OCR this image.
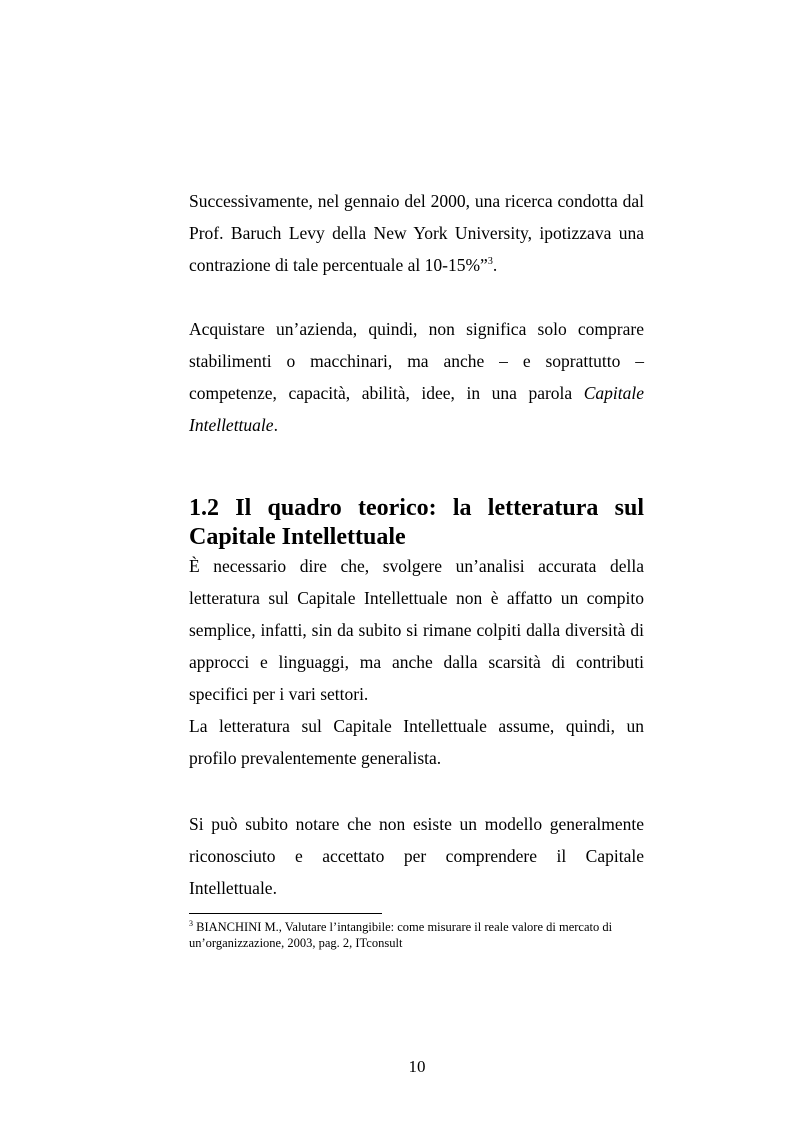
Successivamente, nel gennaio del 2000, una ricerca condotta dal Prof. Baruch Levy della New York University, ipotizzava una contrazione di tale percentuale al 10-15%”$^3$.

Acquistare un’azienda, quindi, non significa solo comprare stabilimenti o macchinari, ma anche – e soprattutto – competenze, capacità, abilità, idee, in una parola Capitale Intellettuale.

1.2 Il quadro teorico: la letteratura sul Capitale Intellettuale

È necessario dire che, svolgere un’analisi accurata della letteratura sul Capitale Intellettuale non è affatto un compito semplice, infatti, sin da subito si rimane colpiti dalla diversità di approcci e linguaggi, ma anche dalla scarsità di contributi specifici per i vari settori.

La letteratura sul Capitale Intellettuale assume, quindi, un profilo prevalentemente generalista.

Si può subito notare che non esiste un modello generalmente riconosciuto e accettato per comprendere il Capitale Intellettuale.

$^3$ BIANCHINI M., Valutare l’intangibile: come misurare il reale valore di mercato di un’organizzazione, 2003, pag. 2, ITconsult
10
